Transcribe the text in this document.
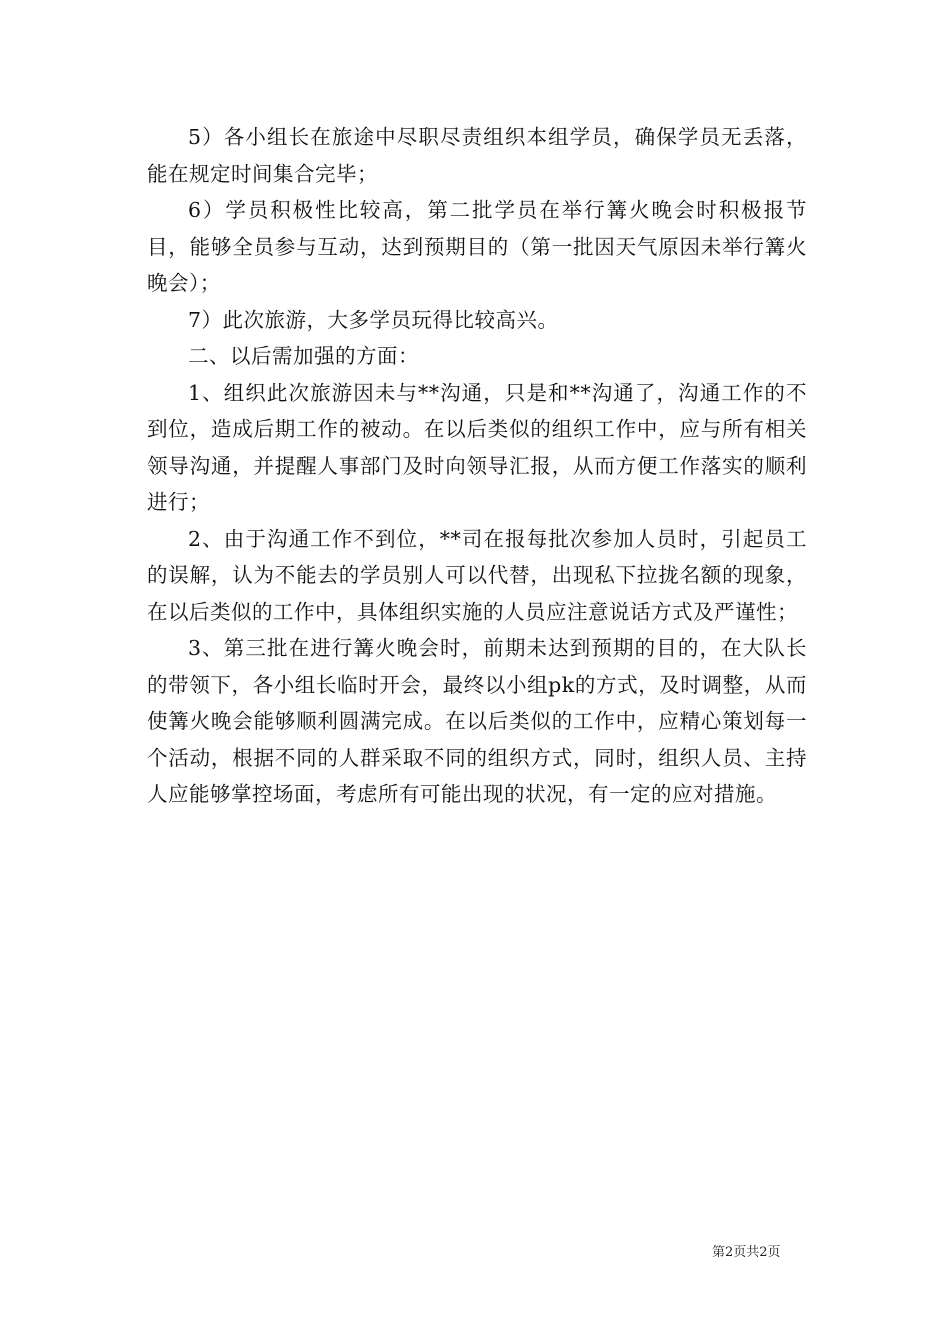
5）各小组长在旅途中尽职尽责组织本组学员，确保学员无丢落，能在规定时间集合完毕；

6）学员积极性比较高，第二批学员在举行篝火晚会时积极报节目，能够全员参与互动，达到预期目的（第一批因天气原因未举行篝火晚会）；

7）此次旅游，大多学员玩得比较高兴。

二、以后需加强的方面：

1、组织此次旅游因未与**沟通，只是和**沟通了，沟通工作的不到位，造成后期工作的被动。在以后类似的组织工作中，应与所有相关领导沟通，并提醒人事部门及时向领导汇报，从而方便工作落实的顺利进行；

2、由于沟通工作不到位，**司在报每批次参加人员时，引起员工的误解，认为不能去的学员别人可以代替，出现私下拉拢名额的现象，在以后类似的工作中，具体组织实施的人员应注意说话方式及严谨性；

3、第三批在进行篝火晚会时，前期未达到预期的目的，在大队长的带领下，各小组长临时开会，最终以小组pk的方式，及时调整，从而使篝火晚会能够顺利圆满完成。在以后类似的工作中，应精心策划每一个活动，根据不同的人群采取不同的组织方式，同时，组织人员、主持人应能够掌控场面，考虑所有可能出现的状况，有一定的应对措施。

第2页共2页
